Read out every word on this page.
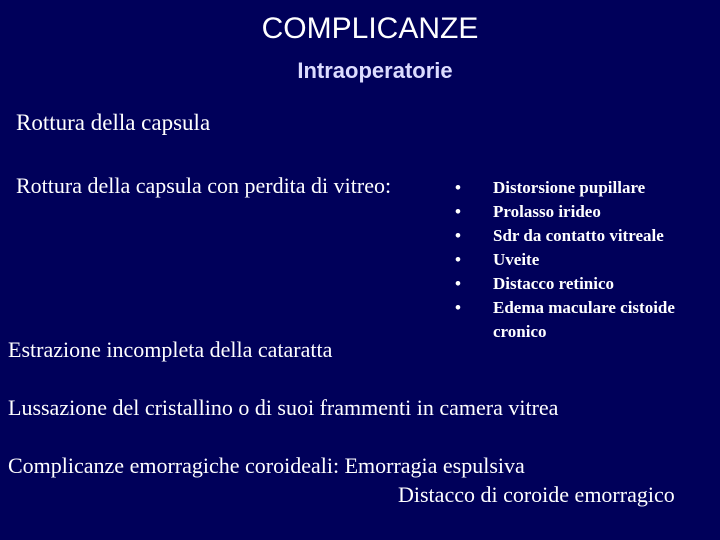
COMPLICANZE
Intraoperatorie
Rottura della capsula
Rottura della capsula con perdita di vitreo:	• Distorsione pupillare
• Prolasso irideo
• Sdr da contatto vitreale
• Uveite
• Distacco retinico
• Edema maculare cistoide cronico
Estrazione incompleta della cataratta
Lussazione del cristallino o di suoi frammenti in camera vitrea
Complicanze emorragiche coroideali: Emorragia espulsiva
Distacco di coroide emorragico
